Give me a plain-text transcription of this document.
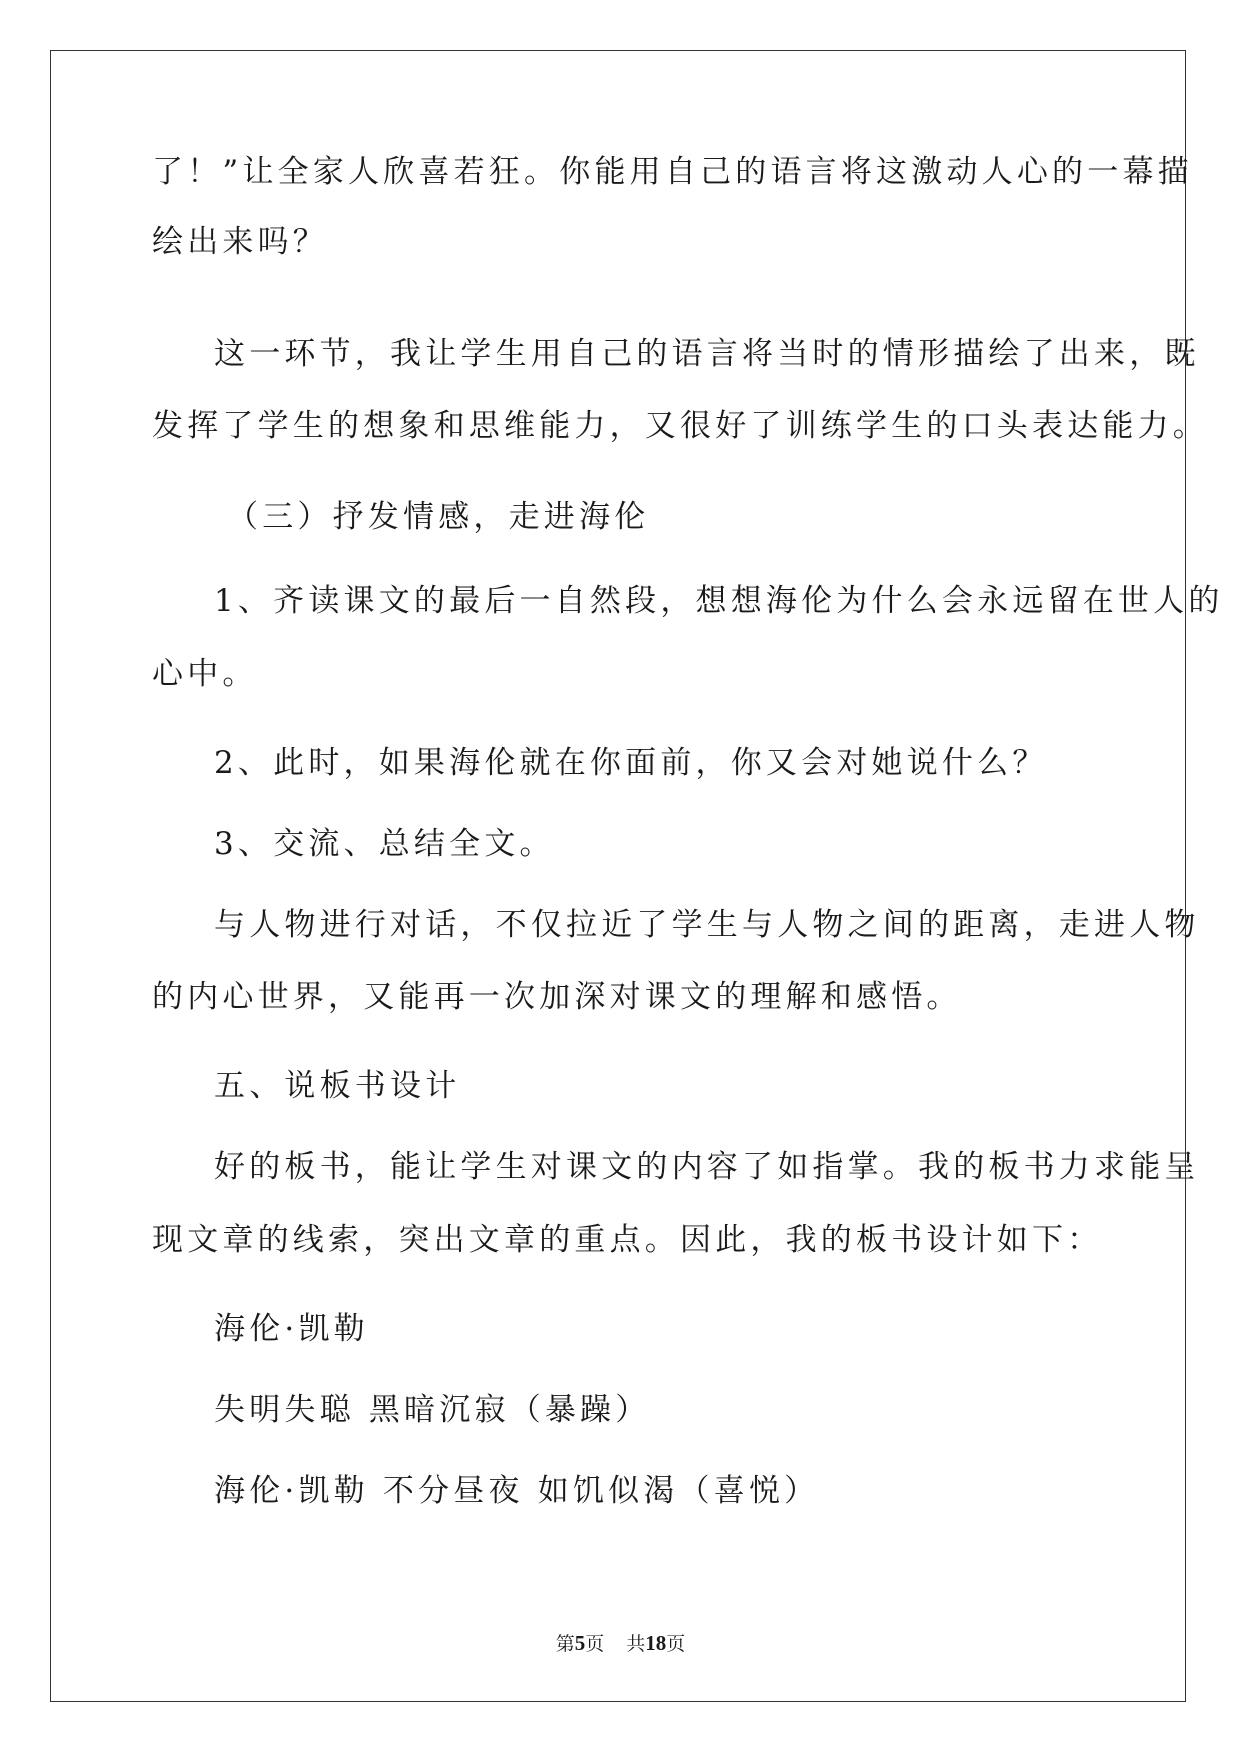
了！”让全家人欣喜若狂。你能用自己的语言将这激动人心的一幕描
绘出来吗？
这一环节，我让学生用自己的语言将当时的情形描绘了出来，既
发挥了学生的想象和思维能力，又很好了训练学生的口头表达能力。
（三）抒发情感，走进海伦
1、齐读课文的最后一自然段，想想海伦为什么会永远留在世人的
心中。
2、此时，如果海伦就在你面前，你又会对她说什么？
3、交流、总结全文。
与人物进行对话，不仅拉近了学生与人物之间的距离，走进人物
的内心世界，又能再一次加深对课文的理解和感悟。
五、说板书设计
好的板书，能让学生对课文的内容了如指掌。我的板书力求能呈
现文章的线索，突出文章的重点。因此，我的板书设计如下：
海伦·凯勒
失明失聪 黑暗沉寂（暴躁）
海伦·凯勒 不分昼夜 如饥似渴（喜悦）
第5页 共18页
